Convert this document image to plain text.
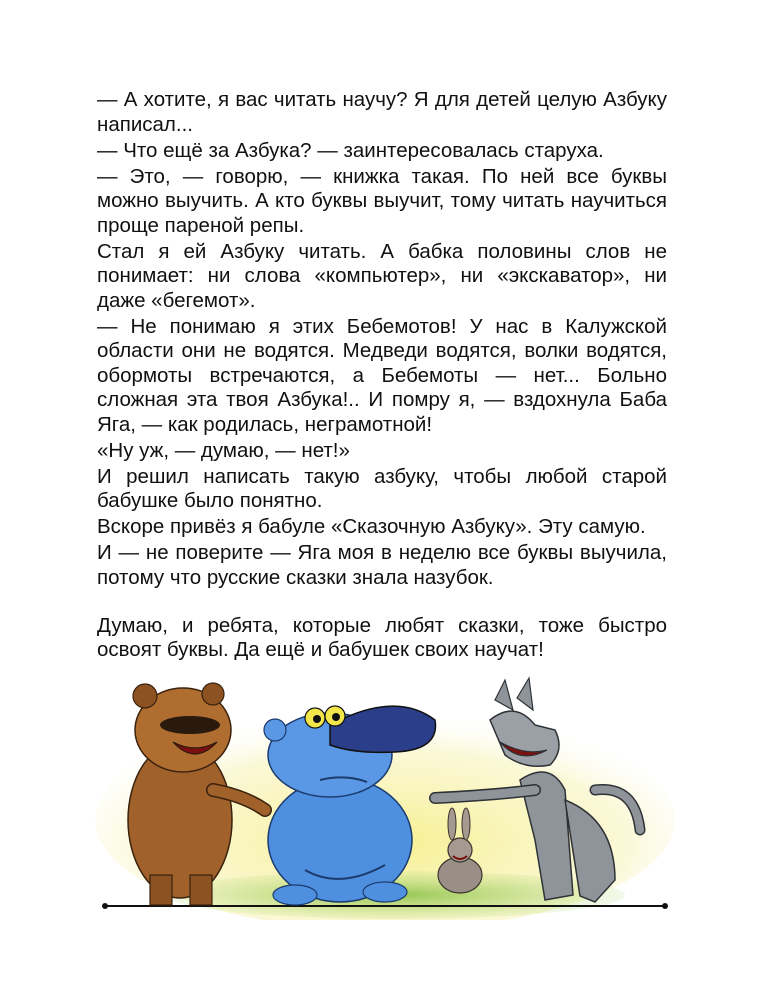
— А хотите, я вас читать научу? Я для детей целую Азбуку написал...

— Что ещё за Азбука? — заинтересовалась старуха.

— Это, — говорю, — книжка такая. По ней все буквы можно выучить. А кто буквы выучит, тому читать научиться проще пареной репы.

Стал я ей Азбуку читать. А бабка половины слов не понимает: ни слова «компьютер», ни «экскаватор», ни даже «бегемот».

— Не понимаю я этих Бебемотов! У нас в Калужской области они не водятся. Медведи водятся, волки водятся, обормоты встречаются, а Бебемоты — нет... Больно сложная эта твоя Азбука!.. И помру я, — вздохнула Баба Яга, — как родилась, неграмотной!

«Ну уж, — думаю, — нет!»

И решил написать такую азбуку, чтобы любой старой бабушке было понятно.

Вскоре привёз я бабуле «Сказочную Азбуку». Эту самую.

И — не поверите — Яга моя в неделю все буквы выучила, потому что русские сказки знала назубок.

Думаю, и ребята, которые любят сказки, тоже быстро освоят буквы. Да ещё и бабушек своих научат!
